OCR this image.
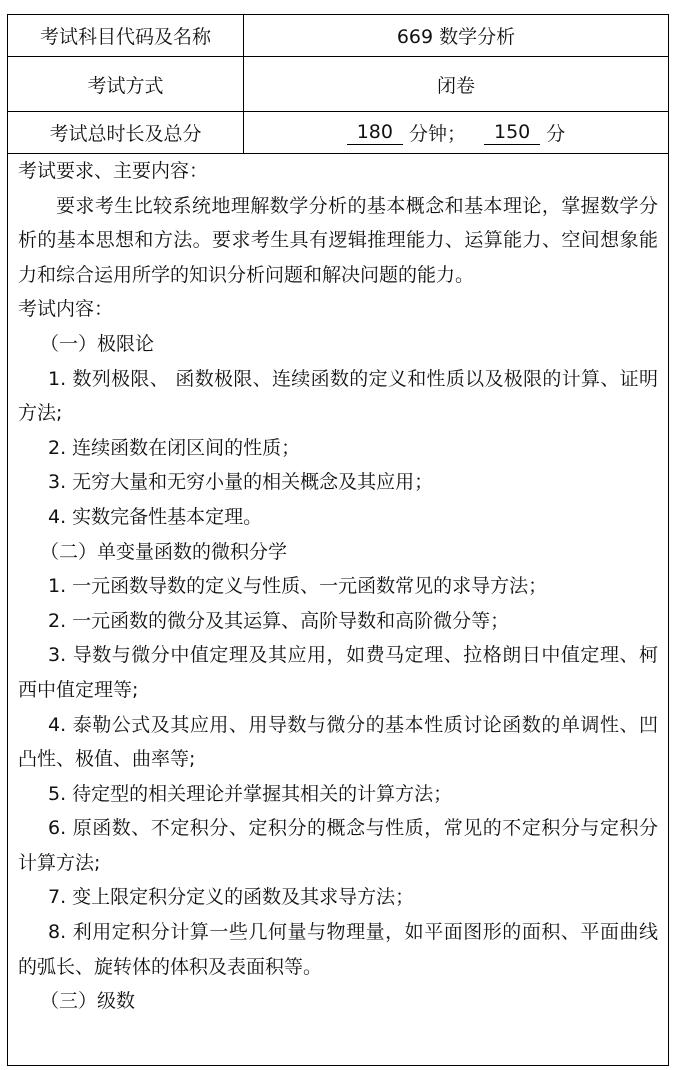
考试科目代码及名称	669 数学分析
考试方式	闭卷
考试总时长及总分	180 分钟；	150 分

考试要求、主要内容：

要求考生比较系统地理解数学分析的基本概念和基本理论，掌握数学分析的基本思想和方法。要求考生具有逻辑推理能力、运算能力、空间想象能力和综合运用所学的知识分析问题和解决问题的能力。

考试内容：

（一）极限论

1. 数列极限、 函数极限、连续函数的定义和性质以及极限的计算、证明方法;

2. 连续函数在闭区间的性质；

3. 无穷大量和无穷小量的相关概念及其应用；

4. 实数完备性基本定理。

（二）单变量函数的微积分学

1. 一元函数导数的定义与性质、一元函数常见的求导方法；

2. 一元函数的微分及其运算、高阶导数和高阶微分等；

3. 导数与微分中值定理及其应用，如费马定理、拉格朗日中值定理、柯西中值定理等;

4. 泰勒公式及其应用、用导数与微分的基本性质讨论函数的单调性、凹凸性、极值、曲率等;

5. 待定型的相关理论并掌握其相关的计算方法；

6. 原函数、不定积分、定积分的概念与性质，常见的不定积分与定积分计算方法;

7. 变上限定积分定义的函数及其求导方法；

8. 利用定积分计算一些几何量与物理量，如平面图形的面积、平面曲线的弧长、旋转体的体积及表面积等。

（三）级数
